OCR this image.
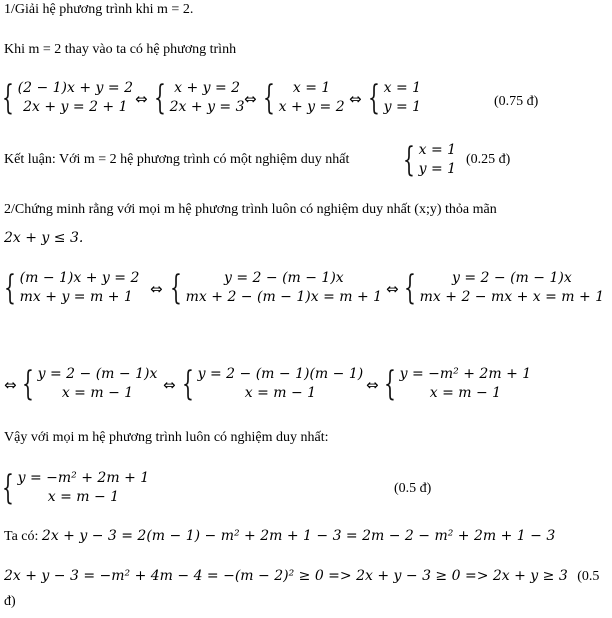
1/Giải hệ phương trình khi m = 2.
Khi m = 2 thay vào ta có hệ phương trình
{ (2 − 1)x + y = 2
2x + y = 2 + 1 ⇔ { x + y = 2
2x + y = 3 ⇔ { x = 1
x + y = 2 ⇔ { x = 1
y = 1	(0.75 đ)
Kết luận: Với m = 2 hệ phương trình có một nghiệm duy nhất { x = 1
y = 1
(0.25 đ)
2/Chứng minh rằng với mọi m hệ phương trình luôn có nghiệm duy nhất (x;y) thỏa mãn
2x + y ≤ 3.
{ (m − 1)x + y = 2
mx + y = m + 1 ⇔ {	y = 2 − (m − 1)x
mx + 2 − (m − 1)x = m + 1 ⇔ {	y = 2 − (m − 1)x
mx + 2 − mx + x = m + 1
⇔ { y = 2 − (m − 1)x
x = m − 1 ⇔ { y = 2 − (m − 1)(m − 1)
x = m − 1	⇔ { y = −m² + 2m + 1
x = m − 1
Vậy với mọi m hệ phương trình luôn có nghiệm duy nhất:
{ y = −m² + 2m + 1
x = m − 1
(0.5 đ)
Ta có: 2x + y − 3 = 2(m − 1) − m² + 2m + 1 − 3 = 2m − 2 − m² + 2m + 1 − 3
2x + y − 3 = −m² + 4m − 4 = −(m − 2)² ≥ 0 => 2x + y − 3 ≥ 0 => 2x + y ≥ 3 (0.5
đ)
